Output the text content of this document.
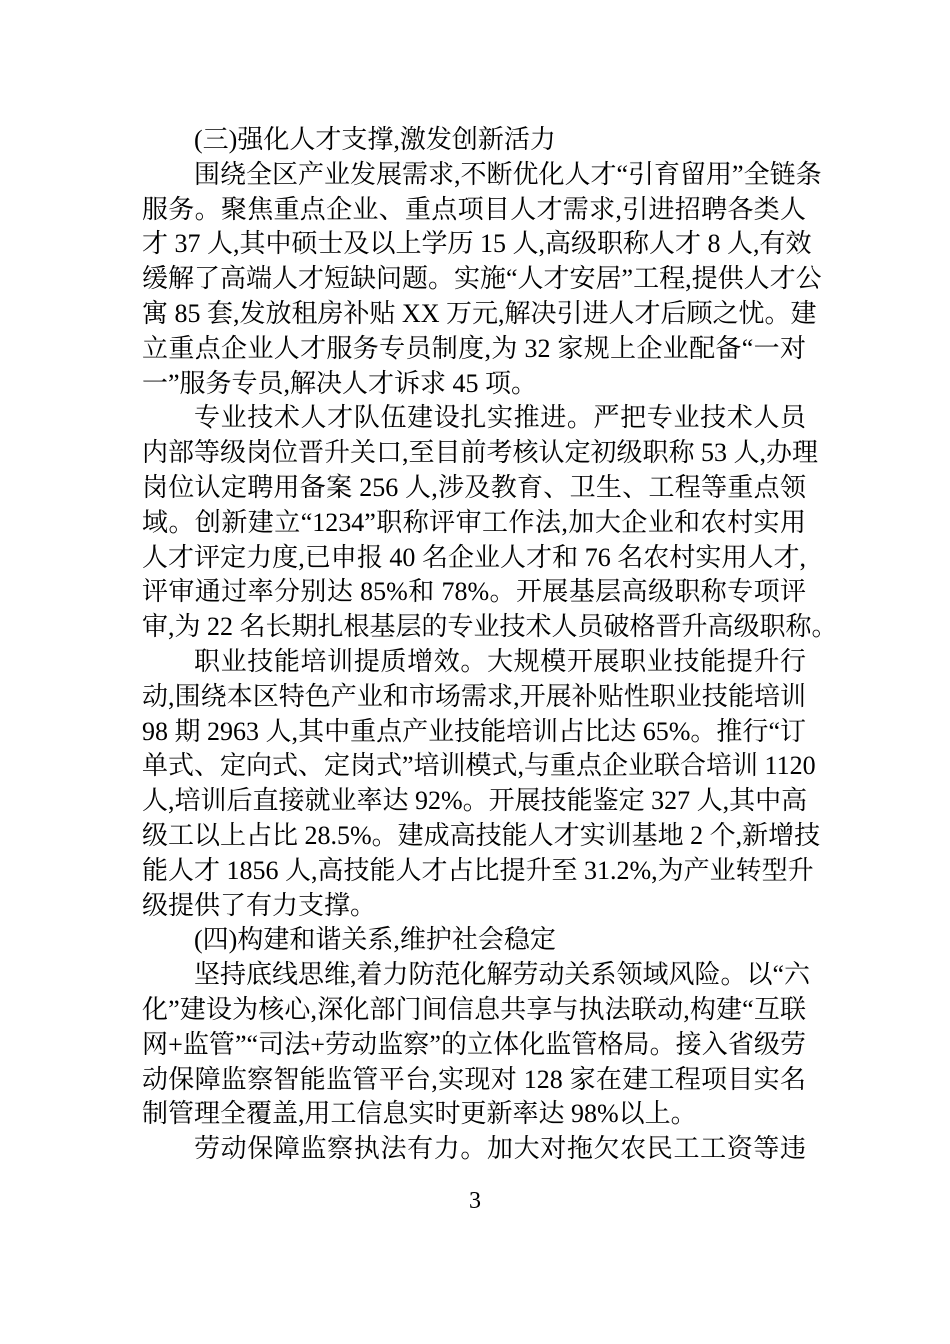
(三)强化人才支撑,激发创新活力
围绕全区产业发展需求,不断优化人才“引育留用”全链条
服务。聚焦重点企业、重点项目人才需求,引进招聘各类人
才 37 人,其中硕士及以上学历 15 人,高级职称人才 8 人,有效
缓解了高端人才短缺问题。实施“人才安居”工程,提供人才公
寓 85 套,发放租房补贴 XX 万元,解决引进人才后顾之忧。建
立重点企业人才服务专员制度,为 32 家规上企业配备“一对
一”服务专员,解决人才诉求 45 项。
专业技术人才队伍建设扎实推进。严把专业技术人员
内部等级岗位晋升关口,至目前考核认定初级职称 53 人,办理
岗位认定聘用备案 256 人,涉及教育、卫生、工程等重点领
域。创新建立“1234”职称评审工作法,加大企业和农村实用
人才评定力度,已申报 40 名企业人才和 76 名农村实用人才,
评审通过率分别达 85%和 78%。开展基层高级职称专项评
审,为 22 名长期扎根基层的专业技术人员破格晋升高级职称。
职业技能培训提质增效。大规模开展职业技能提升行
动,围绕本区特色产业和市场需求,开展补贴性职业技能培训
98 期 2963 人,其中重点产业技能培训占比达 65%。推行“订
单式、定向式、定岗式”培训模式,与重点企业联合培训 1120
人,培训后直接就业率达 92%。开展技能鉴定 327 人,其中高
级工以上占比 28.5%。建成高技能人才实训基地 2 个,新增技
能人才 1856 人,高技能人才占比提升至 31.2%,为产业转型升
级提供了有力支撑。
(四)构建和谐关系,维护社会稳定
坚持底线思维,着力防范化解劳动关系领域风险。以“六
化”建设为核心,深化部门间信息共享与执法联动,构建“互联
网+监管”“司法+劳动监察”的立体化监管格局。接入省级劳
动保障监察智能监管平台,实现对 128 家在建工程项目实名
制管理全覆盖,用工信息实时更新率达 98%以上。
劳动保障监察执法有力。加大对拖欠农民工工资等违
3
